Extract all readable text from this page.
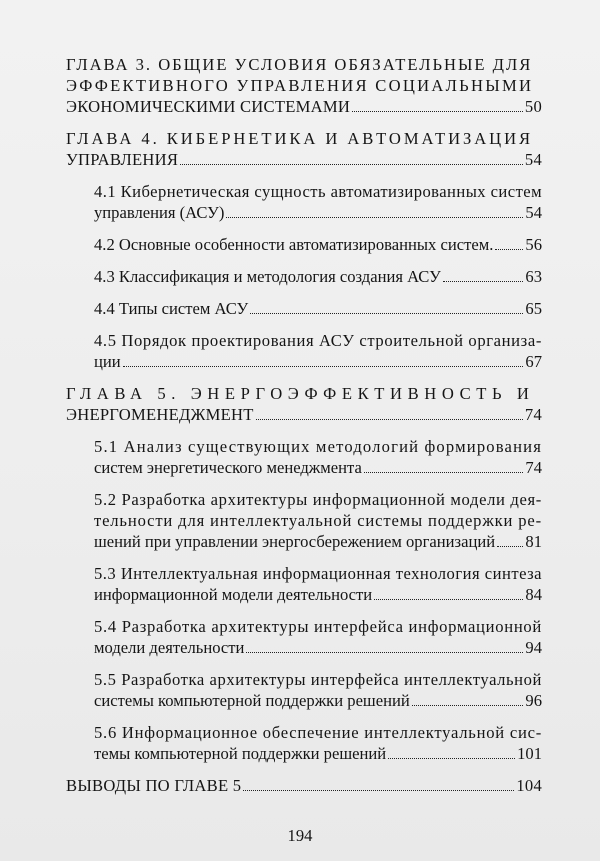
ГЛАВА 3. ОБЩИЕ УСЛОВИЯ ОБЯЗАТЕЛЬНЫЕ ДЛЯ
ЭФФЕКТИВНОГО УПРАВЛЕНИЯ СОЦИАЛЬНЫМИ
ЭКОНОМИЧЕСКИМИ СИСТЕМАМИ	50
ГЛАВА 4. КИБЕРНЕТИКА И АВТОМАТИЗАЦИЯ
УПРАВЛЕНИЯ	54
4.1 Кибернетическая сущность автоматизированных систем
управления (АСУ)	54
4.2 Основные особенности автоматизированных систем. 56
4.3 Классификация и методология создания АСУ	63
4.4 Типы систем АСУ	65
4.5 Порядок проектирования АСУ строительной организа-
ции	67
ГЛАВА 5. ЭНЕРГОЭФФЕКТИВНОСТЬ И
ЭНЕРГОМЕНЕДЖМЕНТ	74
5.1 Анализ существующих методологий формирования
систем энергетического менеджмента	74
5.2 Разработка архитектуры информационной модели дея-
тельности для интеллектуальной системы поддержки ре-
шений при управлении энергосбережением организаций 81
5.3 Интеллектуальная информационная технология синтеза
информационной модели деятельности	84
5.4 Разработка архитектуры интерфейса информационной
модели деятельности	94
5.5 Разработка архитектуры интерфейса интеллектуальной
системы компьютерной поддержки решений	96
5.6 Информационное обеспечение интеллектуальной сис-
темы компьютерной поддержки решений	101
ВЫВОДЫ ПО ГЛАВЕ 5	104
194
